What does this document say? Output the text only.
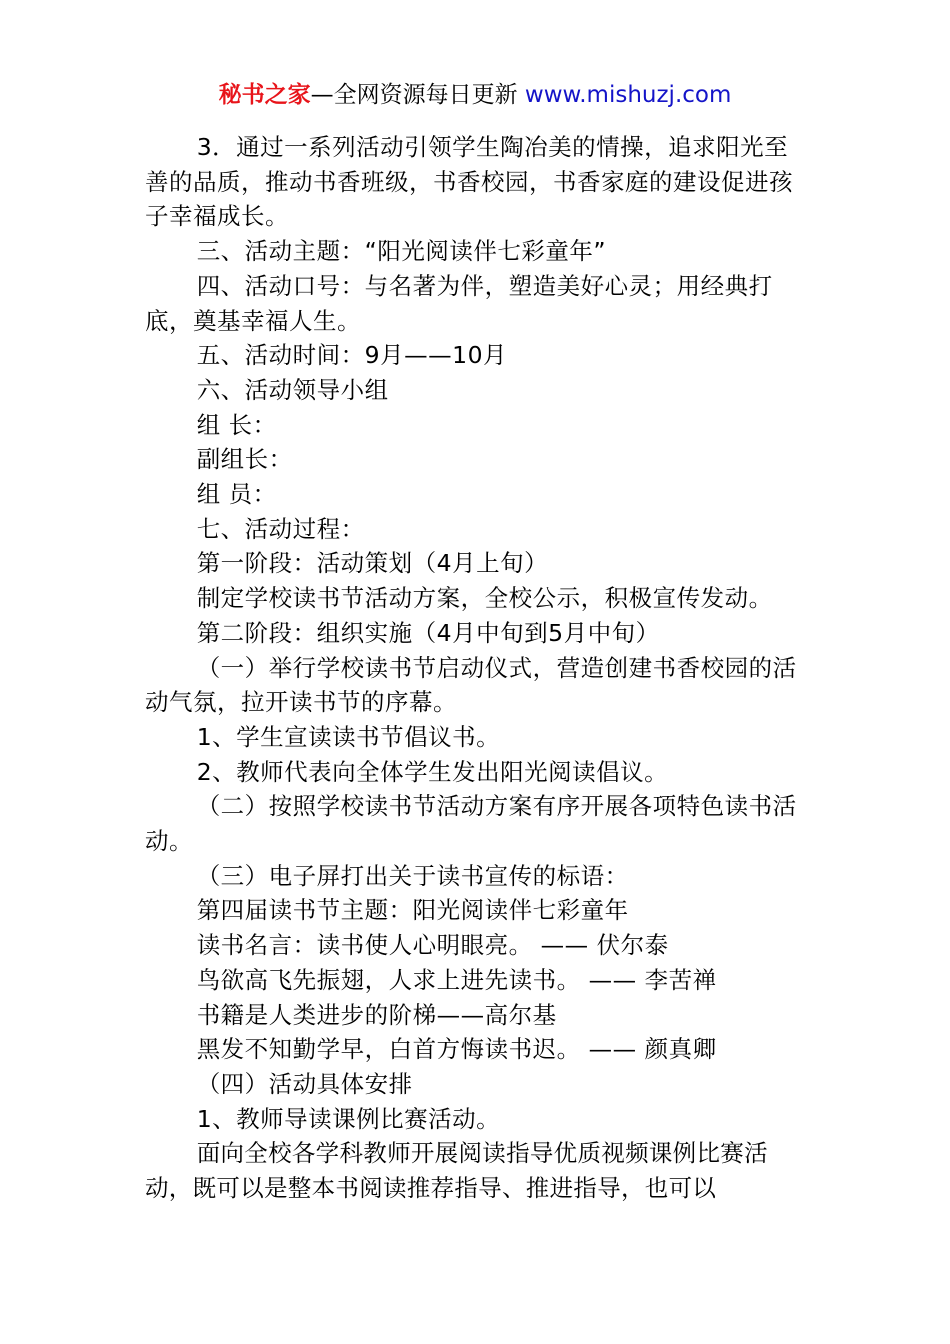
秘书之家—全网资源每日更新 www.mishuzj.com

3．通过一系列活动引领学生陶冶美的情操，追求阳光至善的品质，推动书香班级，书香校园，书香家庭的建设促进孩子幸福成长。

三、活动主题：“阳光阅读伴七彩童年”

四、活动口号：与名著为伴，塑造美好心灵；用经典打底，奠基幸福人生。

五、活动时间：9月——10月

六、活动领导小组

组 长：

副组长：

组 员：

七、活动过程：

第一阶段：活动策划（4月上旬）

制定学校读书节活动方案，全校公示，积极宣传发动。

第二阶段：组织实施（4月中旬到5月中旬）

（一）举行学校读书节启动仪式，营造创建书香校园的活动气氛，拉开读书节的序幕。

1、学生宣读读书节倡议书。

2、教师代表向全体学生发出阳光阅读倡议。

（二）按照学校读书节活动方案有序开展各项特色读书活动。

（三）电子屏打出关于读书宣传的标语：

第四届读书节主题：阳光阅读伴七彩童年

读书名言：读书使人心明眼亮。 —— 伏尔泰

鸟欲高飞先振翅，人求上进先读书。 —— 李苦禅

书籍是人类进步的阶梯——高尔基

黑发不知勤学早，白首方悔读书迟。 —— 颜真卿

（四）活动具体安排

1、教师导读课例比赛活动。

面向全校各学科教师开展阅读指导优质视频课例比赛活动，既可以是整本书阅读推荐指导、推进指导，也可以
